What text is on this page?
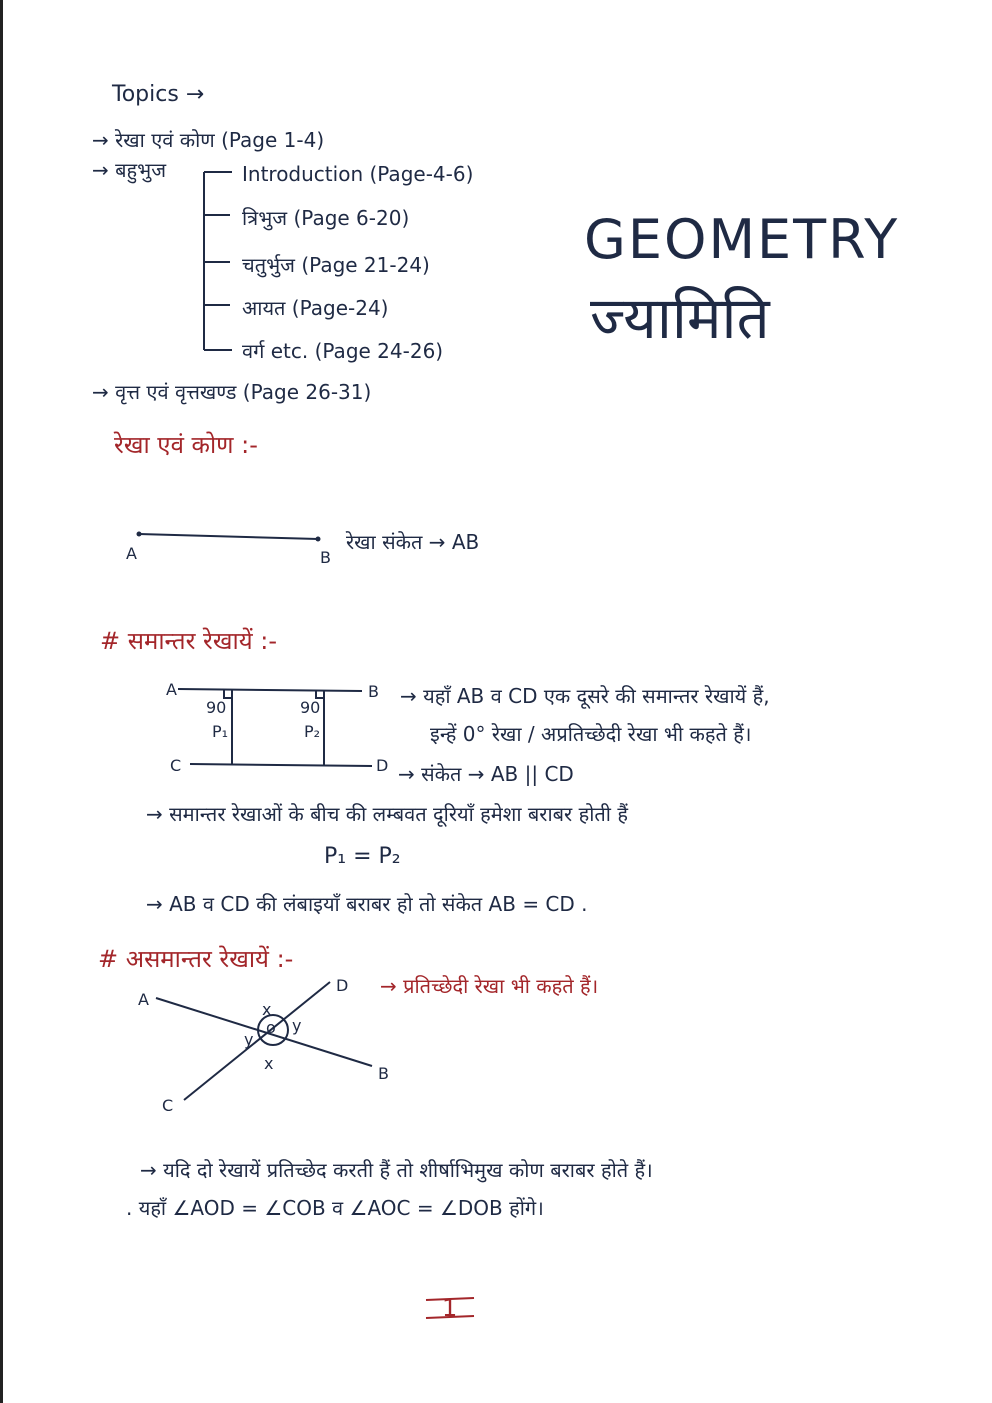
Topics →
→ रेखा एवं कोण (Page 1-4)
→ बहुभुज	Introduction (Page-4-6)
त्रिभुज (Page 6-20)
चतुर्भुज (Page 21-24)
आयत (Page-24)
वर्ग etc. (Page 24-26)
→ वृत्त एवं वृत्तखण्ड (Page 26-31)
GEOMETRY
ज्यामिति
रेखा एवं कोण :-
A	B
रेखा संकेत → AB
# समान्तर रेखायें :-
A	B
C	D
90	90
P₁	P₂
→ यहाँ AB व CD एक दूसरे की समान्तर रेखायें हैं,
इन्हें 0° रेखा / अप्रतिच्छेदी रेखा भी कहते हैं।
→ संकेत → AB || CD
→ समान्तर रेखाओं के बीच की लम्बवत दूरियाँ हमेशा बराबर होती हैं
P₁ = P₂
→ AB व CD की लंबाइयाँ बराबर हो तो संकेत AB = CD .
# असमान्तर रेखायें :-
A
B
C
D
o
x
x
y
y
→ प्रतिच्छेदी रेखा भी कहते हैं।
→ यदि दो रेखायें प्रतिच्छेद करती हैं तो शीर्षाभिमुख कोण बराबर होते हैं।
. यहाँ ∠AOD = ∠COB व ∠AOC = ∠DOB होंगे।
1
